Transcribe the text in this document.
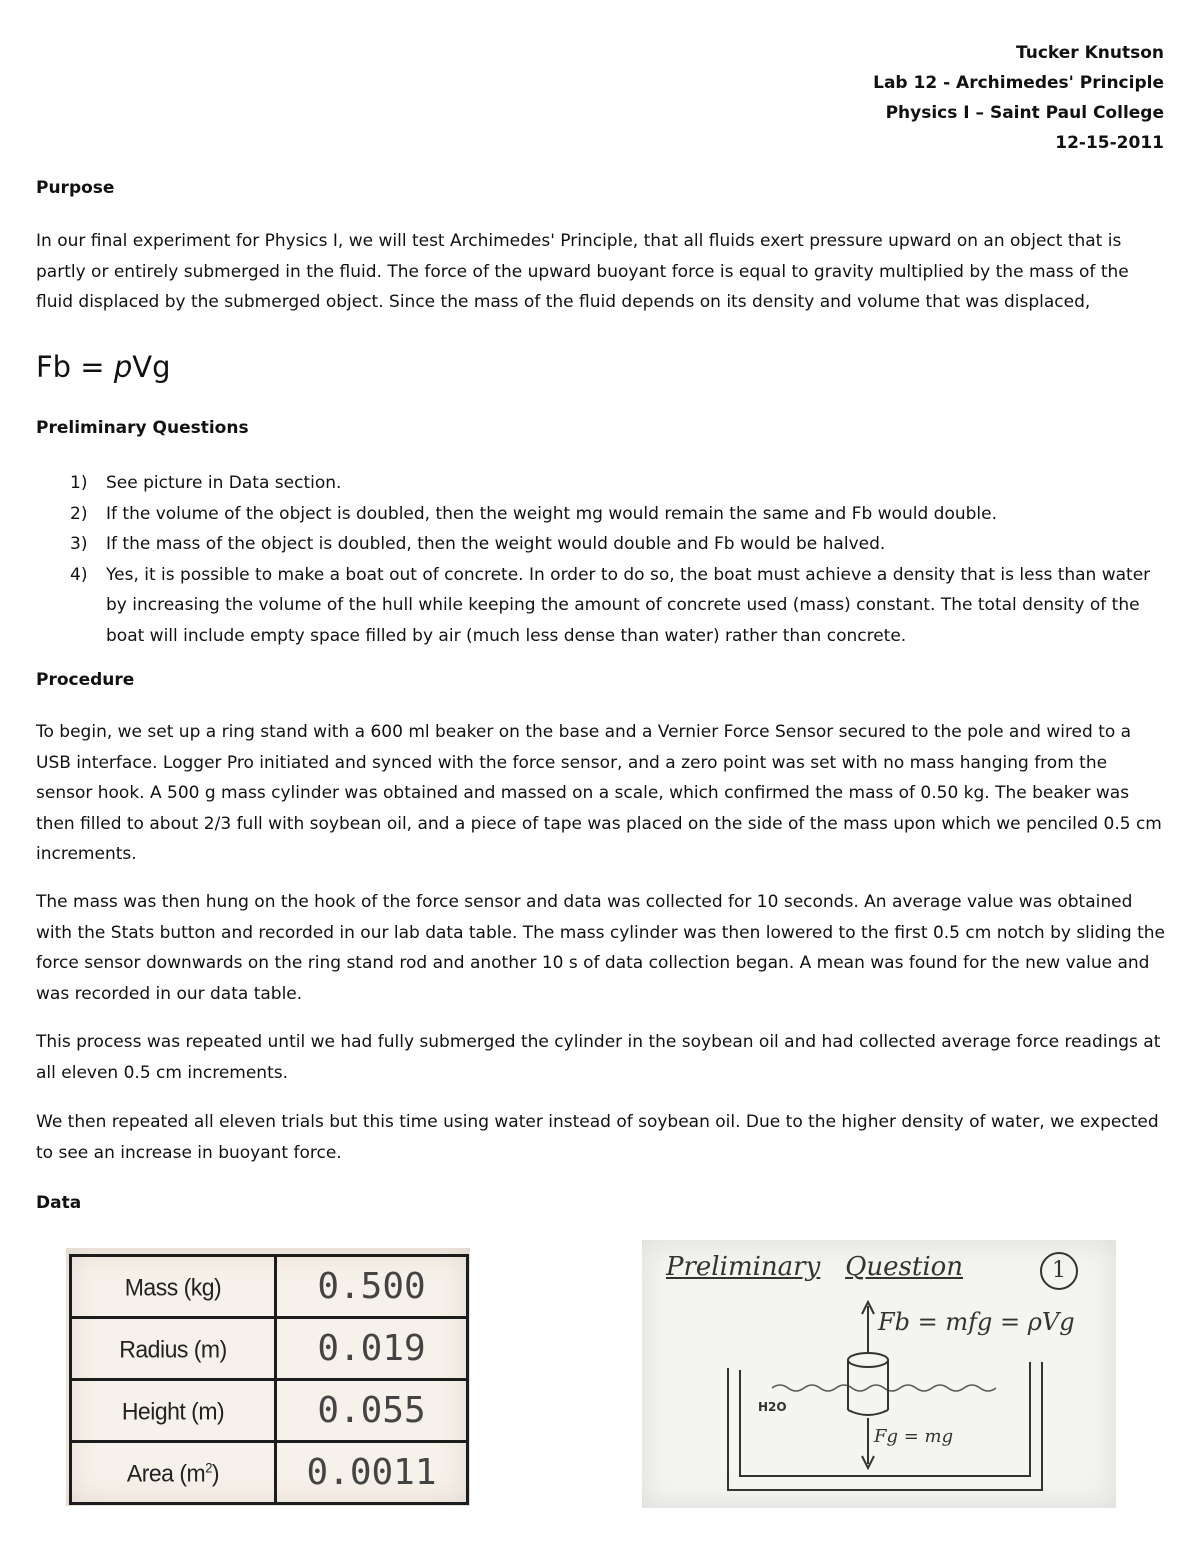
Tucker Knutson
Lab 12 - Archimedes' Principle
Physics I – Saint Paul College
12-15-2011
Purpose
In our final experiment for Physics I, we will test Archimedes' Principle, that all fluids exert pressure upward on an object that is partly or entirely submerged in the fluid. The force of the upward buoyant force is equal to gravity multiplied by the mass of the fluid displaced by the submerged object. Since the mass of the fluid depends on its density and volume that was displaced,
Fb = pVg
Preliminary Questions
1) See picture in Data section.
2) If the volume of the object is doubled, then the weight mg would remain the same and Fb would double.
3) If the mass of the object is doubled, then the weight would double and Fb would be halved.
4) Yes, it is possible to make a boat out of concrete. In order to do so, the boat must achieve a density that is less than water by increasing the volume of the hull while keeping the amount of concrete used (mass) constant. The total density of the boat will include empty space filled by air (much less dense than water) rather than concrete.
Procedure
To begin, we set up a ring stand with a 600 ml beaker on the base and a Vernier Force Sensor secured to the pole and wired to a USB interface. Logger Pro initiated and synced with the force sensor, and a zero point was set with no mass hanging from the sensor hook. A 500 g mass cylinder was obtained and massed on a scale, which confirmed the mass of 0.50 kg. The beaker was then filled to about 2/3 full with soybean oil, and a piece of tape was placed on the side of the mass upon which we penciled 0.5 cm increments.
The mass was then hung on the hook of the force sensor and data was collected for 10 seconds. An average value was obtained with the Stats button and recorded in our lab data table. The mass cylinder was then lowered to the first 0.5 cm notch by sliding the force sensor downwards on the ring stand rod and another 10 s of data collection began. A mean was found for the new value and was recorded in our data table.
This process was repeated until we had fully submerged the cylinder in the soybean oil and had collected average force readings at all eleven 0.5 cm increments.
We then repeated all eleven trials but this time using water instead of soybean oil. Due to the higher density of water, we expected to see an increase in buoyant force.
Data
Mass (kg)	0.500
Radius (m)	0.019
Height (m)	0.055
Area $(m^2)$	0.0011
Preliminary Question	1
Fb = mfg = ρVg
Fg = mg
H2O
